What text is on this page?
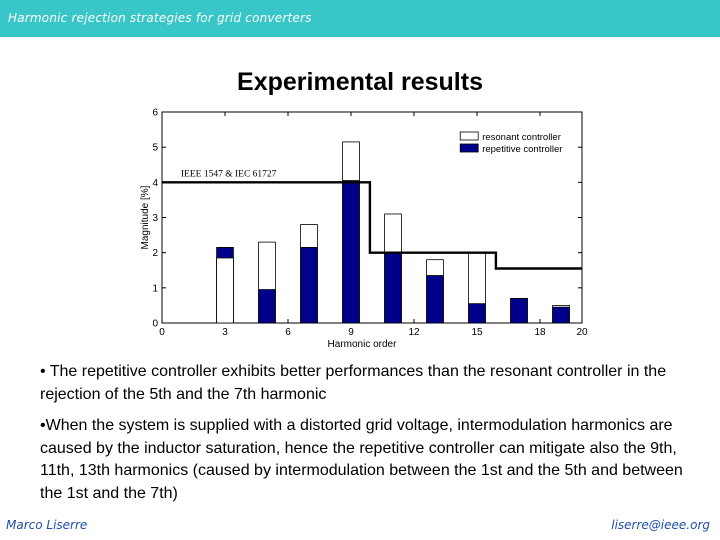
Harmonic rejection strategies for grid converters
Experimental results
IEEE 1547 & IEC 61727
resonant controller
repetitive controller
0
1
2
3
4
5
6
0	3	6	9	12	15	18	20
Harmonic order
Magnitude [%]
• The repetitive controller exhibits better performances than the resonant controller in the rejection of the 5th and the 7th harmonic
•When the system is supplied with a distorted grid voltage, intermodulation harmonics are caused by the inductor saturation, hence the repetitive controller can mitigate also the 9th, 11th, 13th harmonics (caused by intermodulation between the 1st and the 5th and between the 1st and the 7th)
Marco Liserre	liserre@ieee.org
